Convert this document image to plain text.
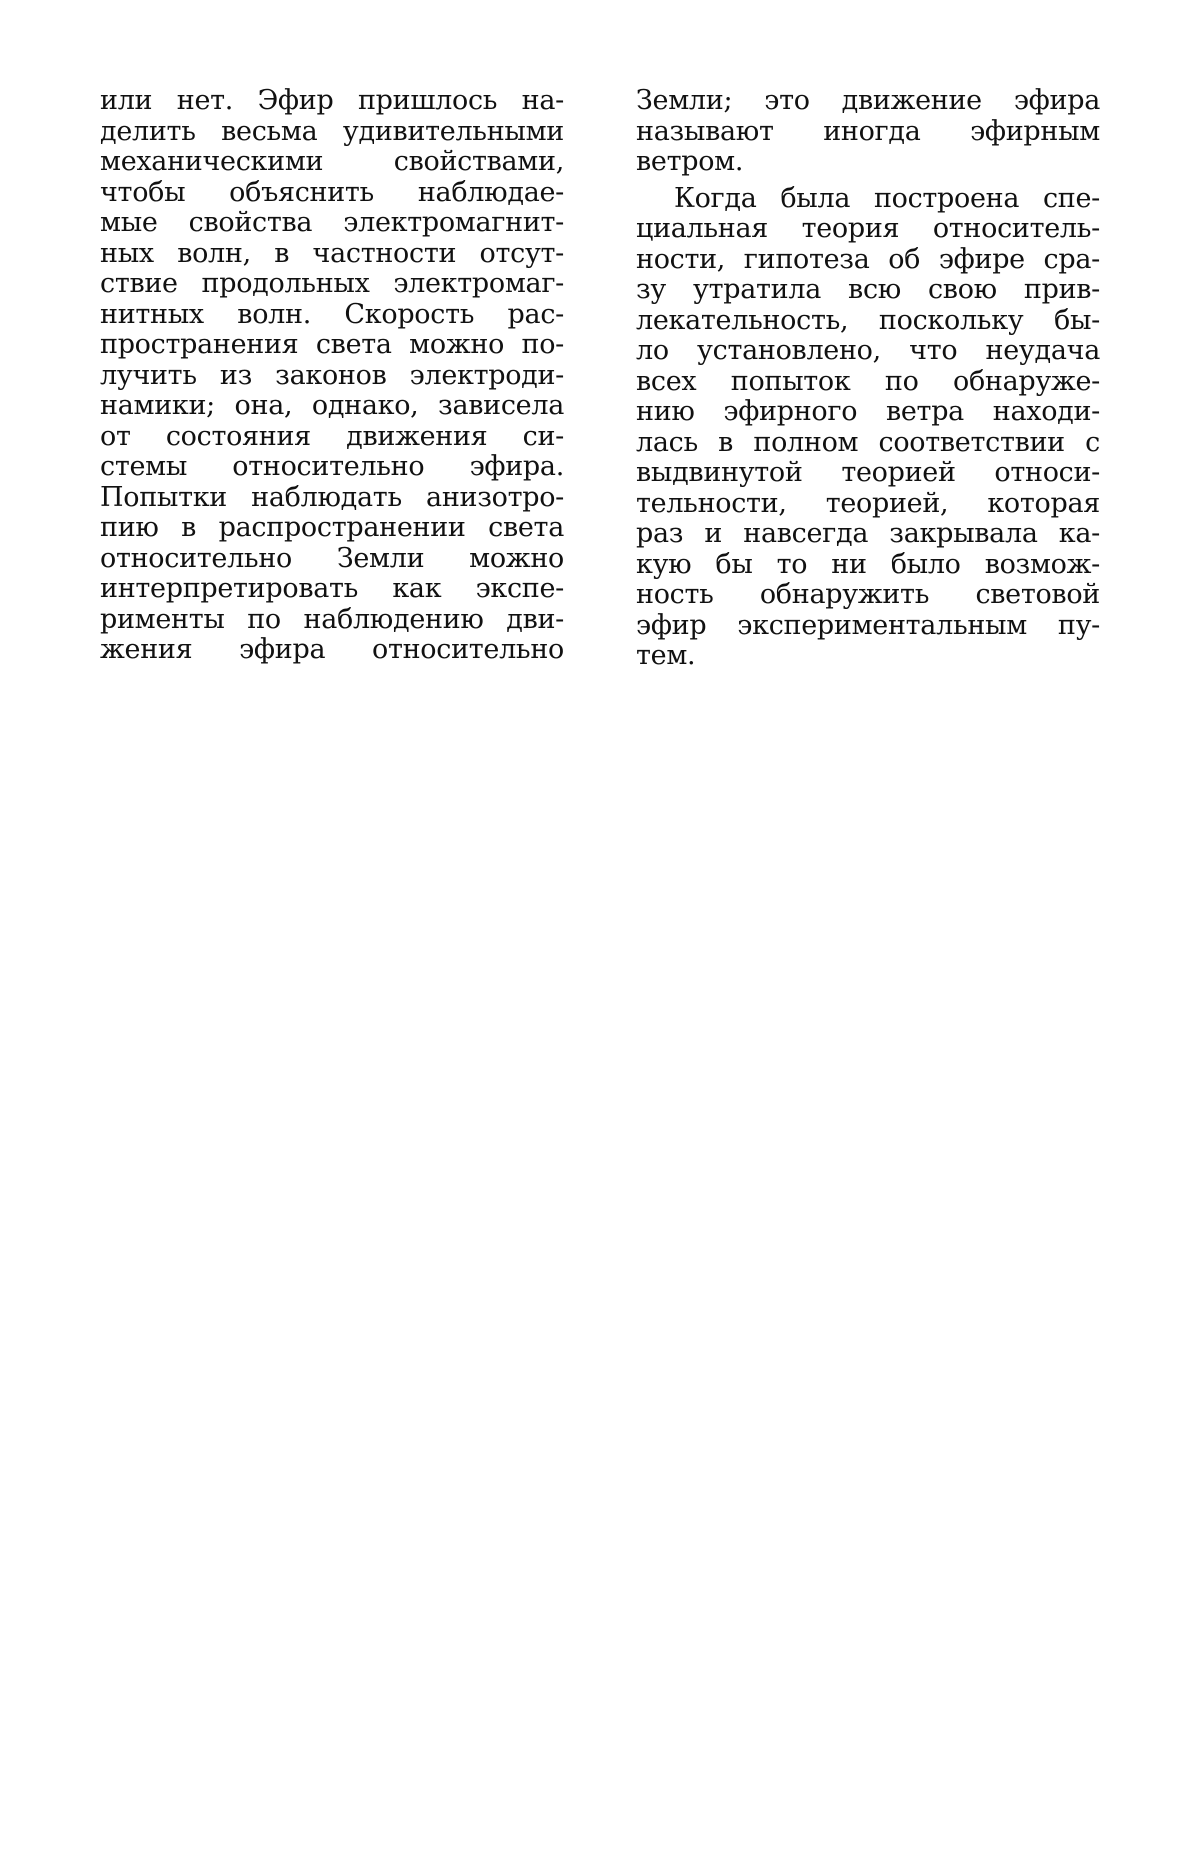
или нет. Эфир пришлось на-
делить весьма удивительными
механическими свойствами,
чтобы объяснить наблюдае-
мые свойства электромагнит-
ных волн, в частности отсут-
ствие продольных электромаг-
нитных волн. Скорость рас-
пространения света можно по-
лучить из законов электроди-
намики; она, однако, зависела
от состояния движения си-
стемы относительно эфира.
Попытки наблюдать анизотро-
пию в распространении света
относительно Земли можно
интерпретировать как экспе-
рименты по наблюдению дви-
жения эфира относительно
Земли; это движение эфира
называют иногда эфирным
ветром.
Когда была построена спе-
циальная теория относитель-
ности, гипотеза об эфире сра-
зу утратила всю свою прив-
лекательность, поскольку бы-
ло установлено, что неудача
всех попыток по обнаруже-
нию эфирного ветра находи-
лась в полном соответствии с
выдвинутой теорией относи-
тельности, теорией, которая
раз и навсегда закрывала ка-
кую бы то ни было возмож-
ность обнаружить световой
эфир экспериментальным пу-
тем.
